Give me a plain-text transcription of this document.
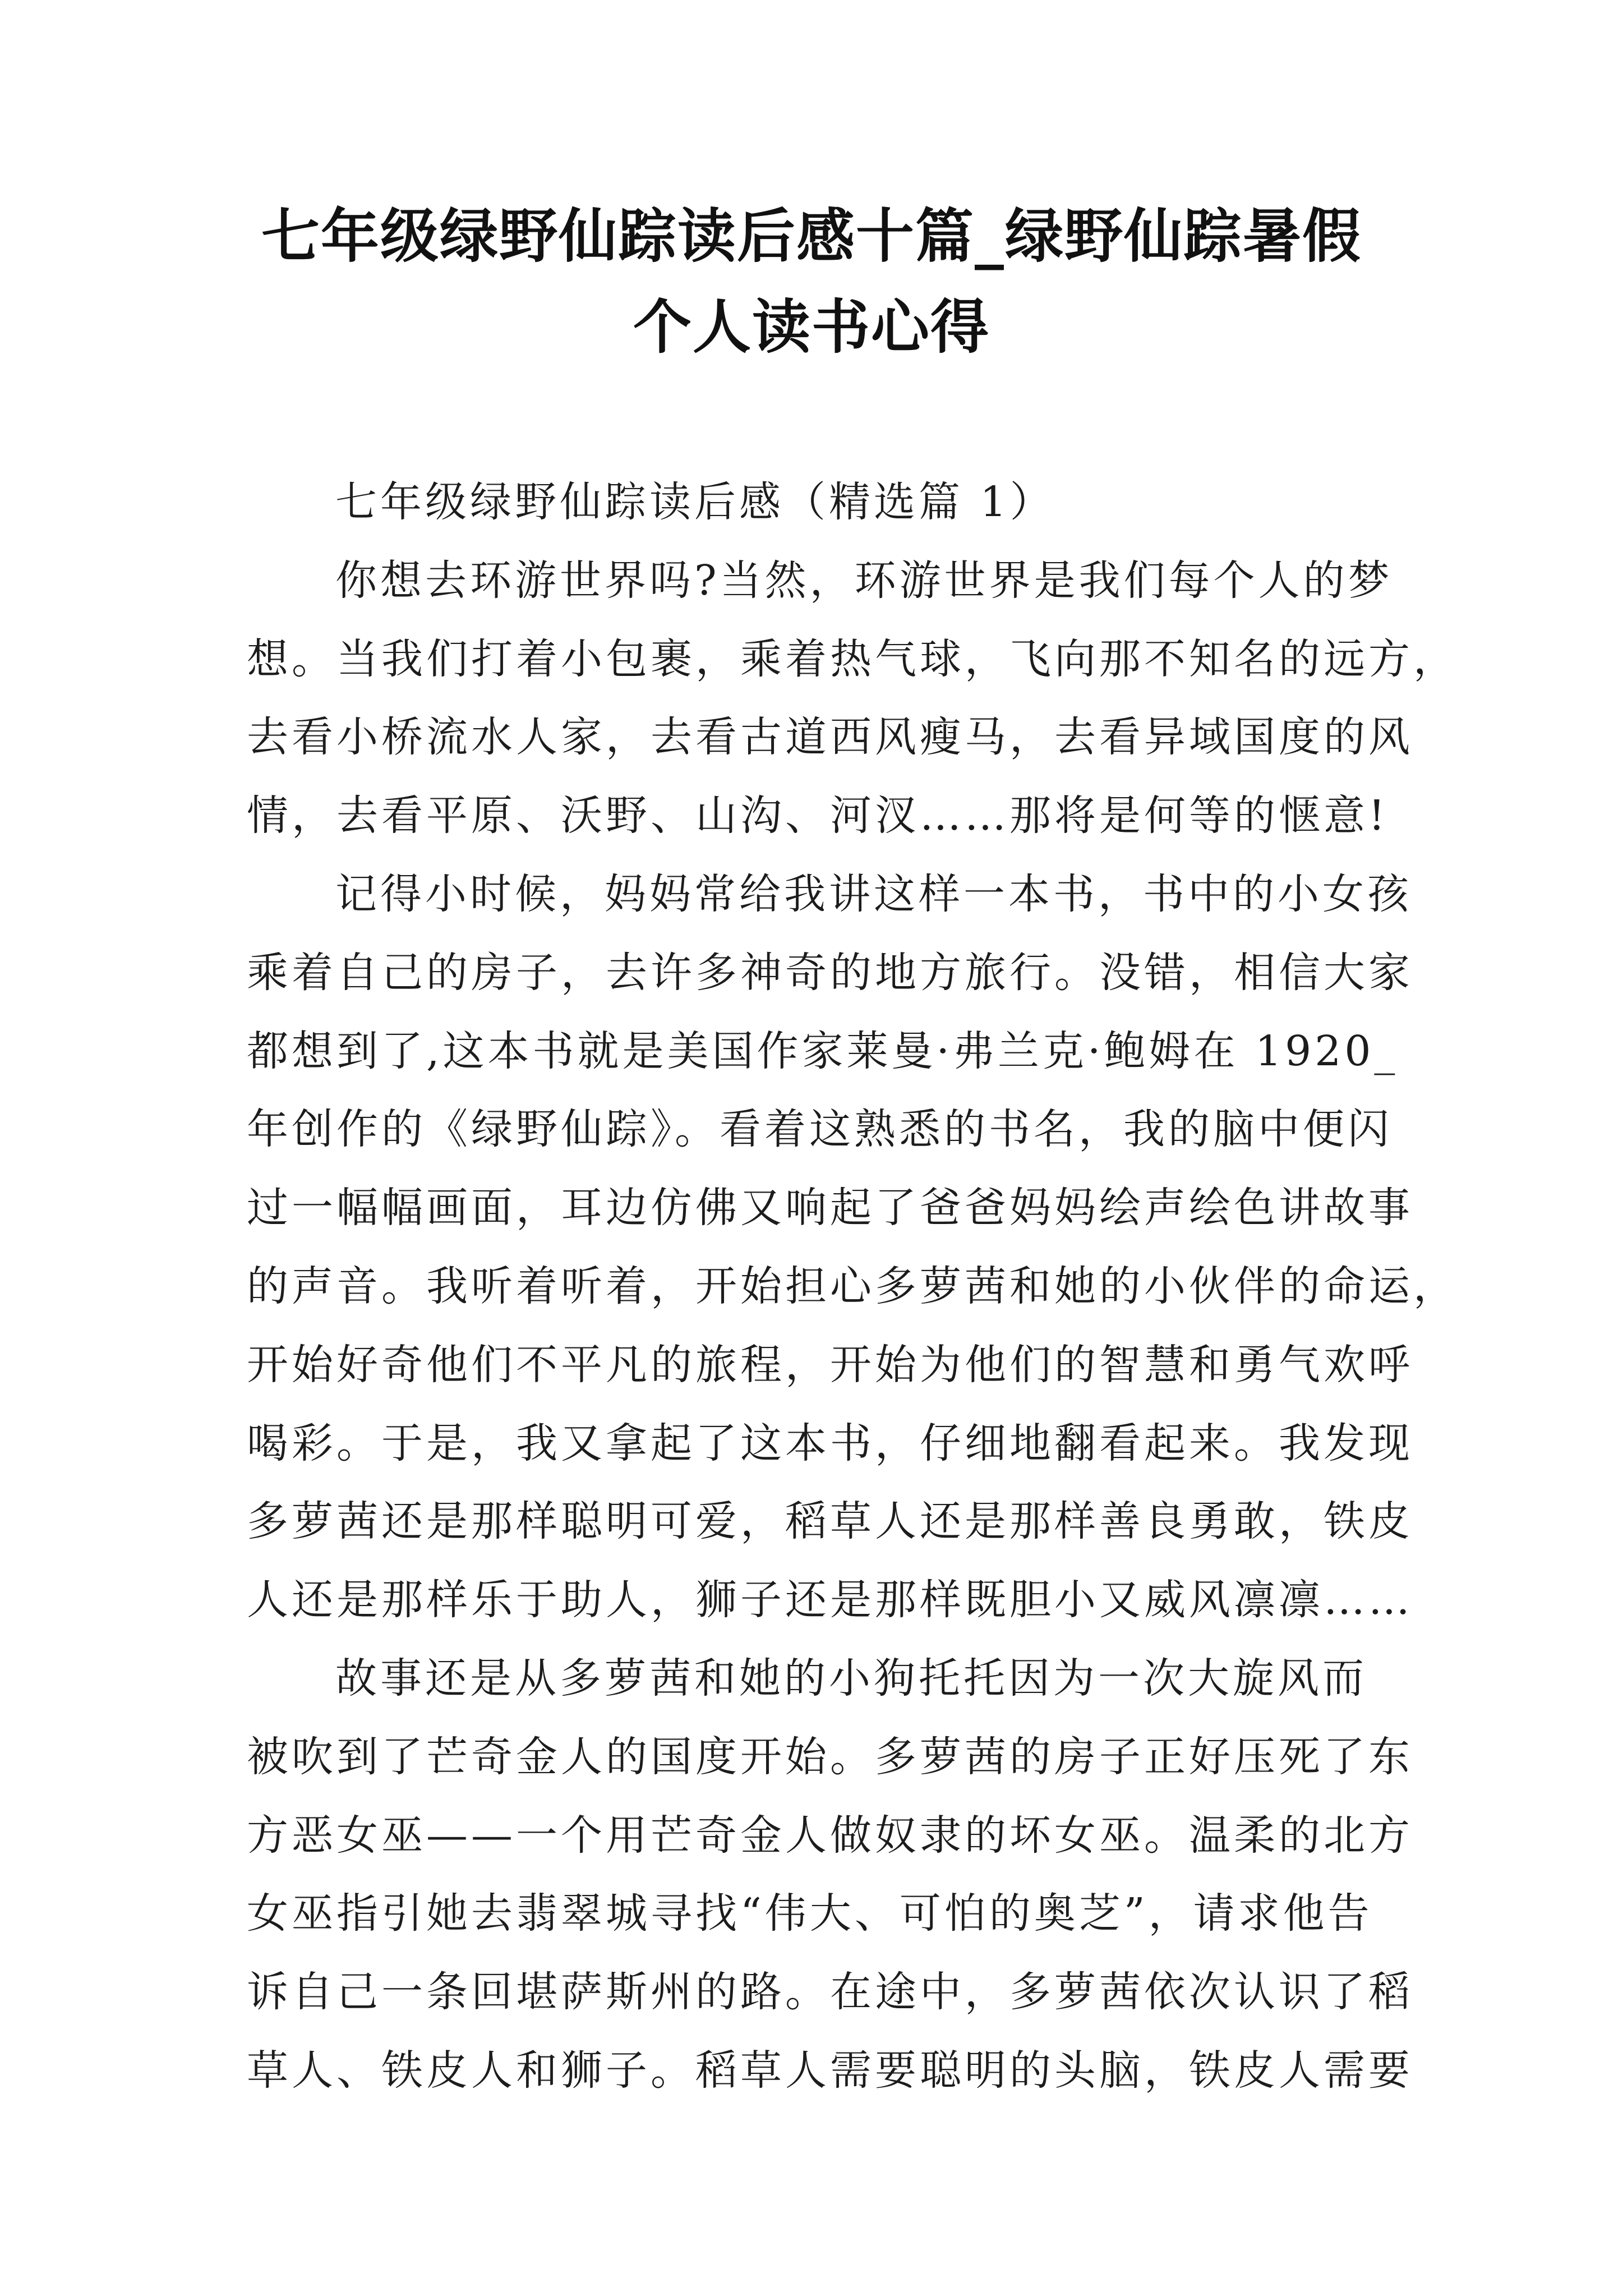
七年级绿野仙踪读后感十篇_绿野仙踪暑假
个人读书心得
七年级绿野仙踪读后感（精选篇 1）
你想去环游世界吗?当然，环游世界是我们每个人的梦
想。当我们打着小包裹，乘着热气球，飞向那不知名的远方，
去看小桥流水人家，去看古道西风瘦马，去看异域国度的风
情，去看平原、沃野、山沟、河汊……那将是何等的惬意!
记得小时候，妈妈常给我讲这样一本书，书中的小女孩
乘着自己的房子，去许多神奇的地方旅行。没错，相信大家
都想到了,这本书就是美国作家莱曼·弗兰克·鲍姆在 1920_
年创作的《绿野仙踪》。看着这熟悉的书名，我的脑中便闪
过一幅幅画面，耳边仿佛又响起了爸爸妈妈绘声绘色讲故事
的声音。我听着听着，开始担心多萝茜和她的小伙伴的命运，
开始好奇他们不平凡的旅程，开始为他们的智慧和勇气欢呼
喝彩。于是，我又拿起了这本书，仔细地翻看起来。我发现
多萝茜还是那样聪明可爱，稻草人还是那样善良勇敢，铁皮
人还是那样乐于助人，狮子还是那样既胆小又威风凛凛……
故事还是从多萝茜和她的小狗托托因为一次大旋风而
被吹到了芒奇金人的国度开始。多萝茜的房子正好压死了东
方恶女巫——一个用芒奇金人做奴隶的坏女巫。温柔的北方
女巫指引她去翡翠城寻找“伟大、可怕的奥芝”，请求他告
诉自己一条回堪萨斯州的路。在途中，多萝茜依次认识了稻
草人、铁皮人和狮子。稻草人需要聪明的头脑，铁皮人需要
